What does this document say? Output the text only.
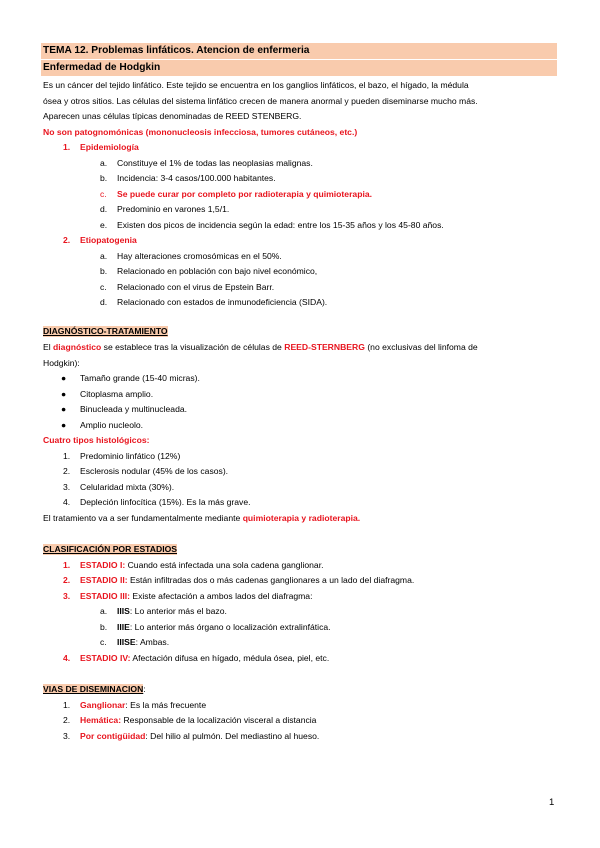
TEMA 12. Problemas linfáticos. Atencion de enfermeria
Enfermedad de Hodgkin
Es un cáncer del tejido linfático. Este tejido se encuentra en los ganglios linfáticos, el bazo, el hígado, la médula
ósea y otros sitios. Las células del sistema linfático crecen de manera anormal y pueden diseminarse mucho más.
Aparecen unas células típicas denominadas de REED STENBERG.
No son patognomónicas (mononucleosis infecciosa, tumores cutáneos, etc.)
1. Epidemiología
a. Constituye el 1% de todas las neoplasias malignas.
b. Incidencia: 3-4 casos/100.000 habitantes.
c. Se puede curar por completo por radioterapia y quimioterapia.
d. Predominio en varones 1,5/1.
e. Existen dos picos de incidencia según la edad: entre los 15-35 años y los 45-80 años.
2. Etiopatogenia
a. Hay alteraciones cromosómicas en el 50%.
b. Relacionado en población con bajo nivel económico,
c. Relacionado con el virus de Epstein Barr.
d. Relacionado con estados de inmunodeficiencia (SIDA).
DIAGNÓSTICO-TRATAMIENTO
El diagnóstico se establece tras la visualización de células de REED-STERNBERG (no exclusivas del linfoma de
Hodgkin):
● Tamaño grande (15-40 micras).
● Citoplasma amplio.
● Binucleada y multinucleada.
● Amplio nucleolo.
Cuatro tipos histológicos:
1. Predominio linfático (12%)
2. Esclerosis nodular (45% de los casos).
3. Celularidad mixta (30%).
4. Depleción linfocítica (15%). Es la más grave.
El tratamiento va a ser fundamentalmente mediante quimioterapia y radioterapia.
CLASIFICACIÓN POR ESTADIOS
1. ESTADIO I: Cuando está infectada una sola cadena ganglionar.
2. ESTADIO II: Están infiltradas dos o más cadenas ganglionares a un lado del diafragma.
3. ESTADIO III: Existe afectación a ambos lados del diafragma:
a. IIIS: Lo anterior más el bazo.
b. IIIE: Lo anterior más órgano o localización extralinfática.
c. IIISE: Ambas.
4. ESTADIO IV: Afectación difusa en hígado, médula ósea, piel, etc.
VIAS DE DISEMINACION:
1. Ganglionar: Es la más frecuente
2. Hemática: Responsable de la localización visceral a distancia
3. Por contigüidad: Del hilio al pulmón. Del mediastino al hueso.
1
